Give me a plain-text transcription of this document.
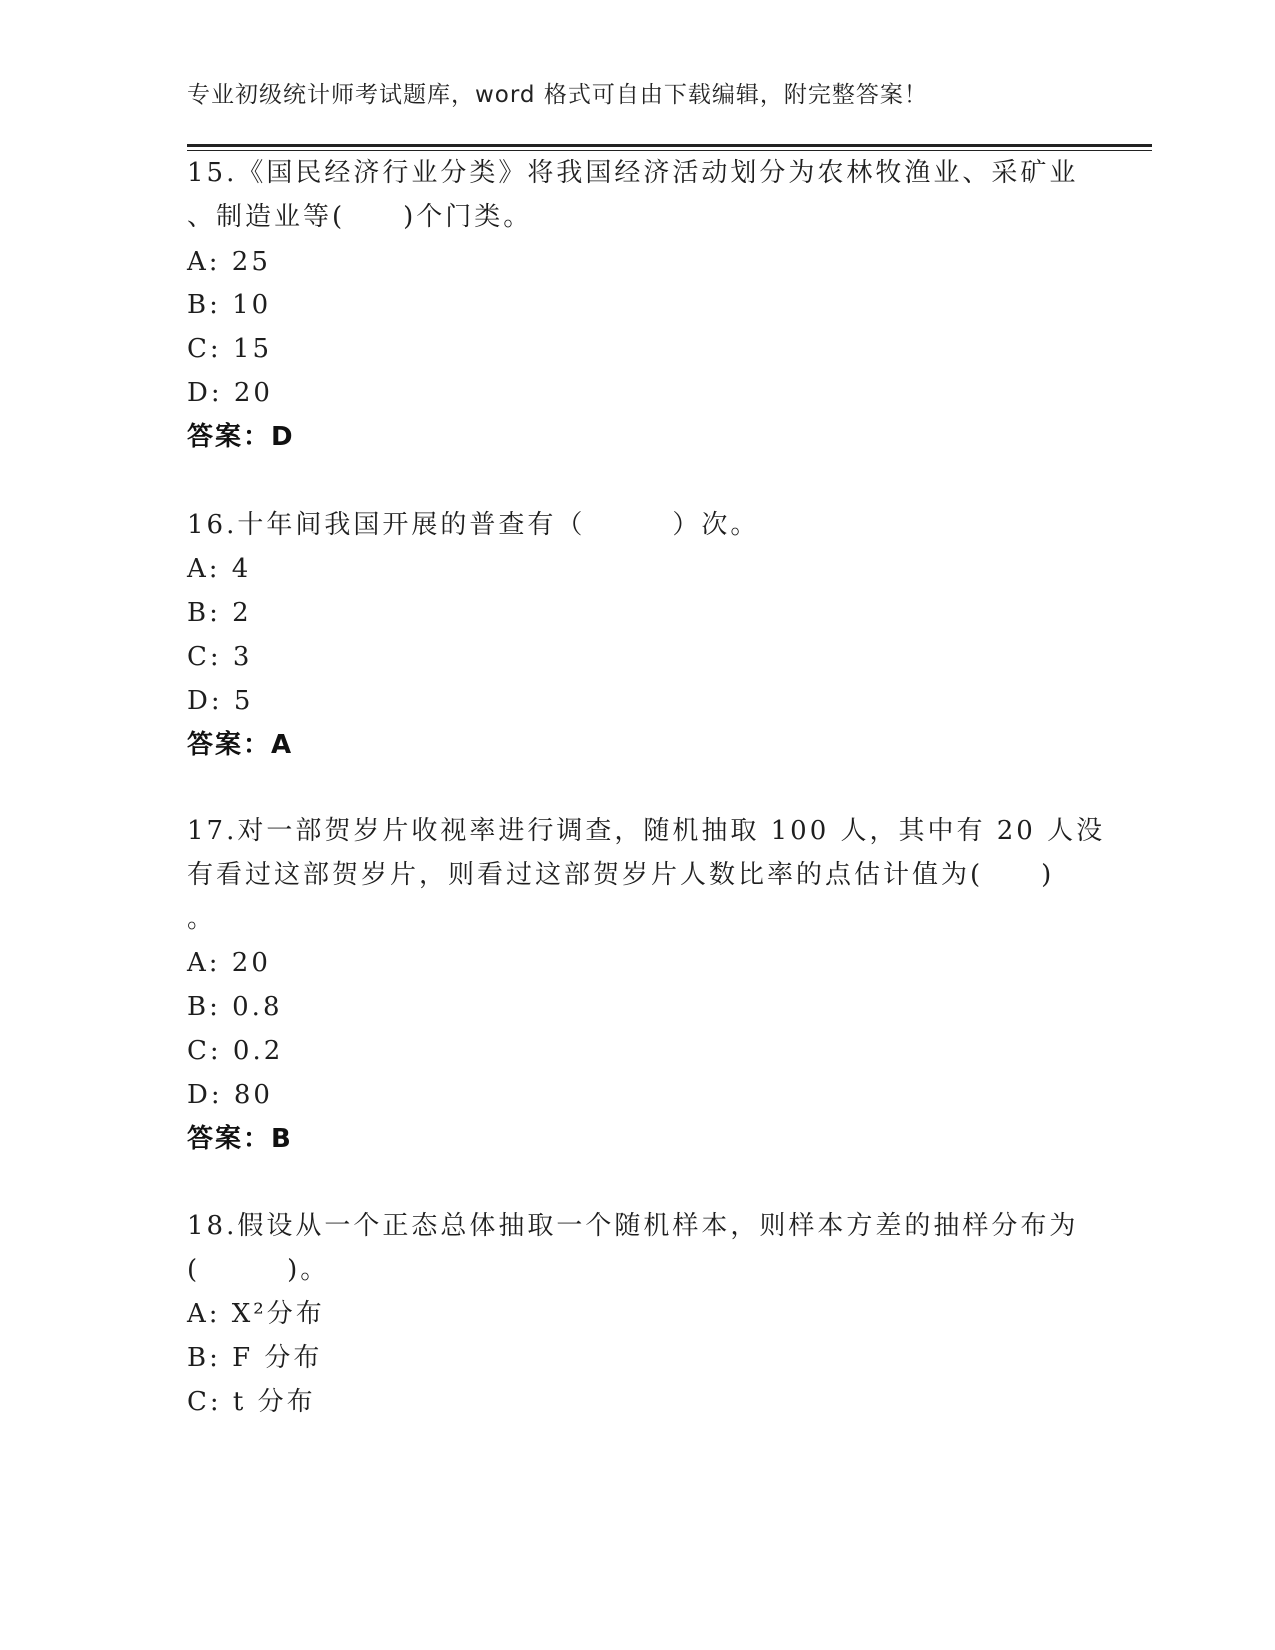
专业初级统计师考试题库，word 格式可自由下载编辑，附完整答案！
15.《国民经济行业分类》将我国经济活动划分为农林牧渔业、采矿业
、制造业等(　　)个门类。
A: 25
B: 10
C: 15
D: 20
答案：D
16.十年间我国开展的普查有（　　　）次。
A: 4
B: 2
C: 3
D: 5
答案：A
17.对一部贺岁片收视率进行调查，随机抽取 100 人，其中有 20 人没
有看过这部贺岁片，则看过这部贺岁片人数比率的点估计值为(　　)
。
A: 20
B: 0.8
C: 0.2
D: 80
答案：B
18.假设从一个正态总体抽取一个随机样本，则样本方差的抽样分布为
(　　　)。
A: X²分布
B: F 分布
C: t 分布
